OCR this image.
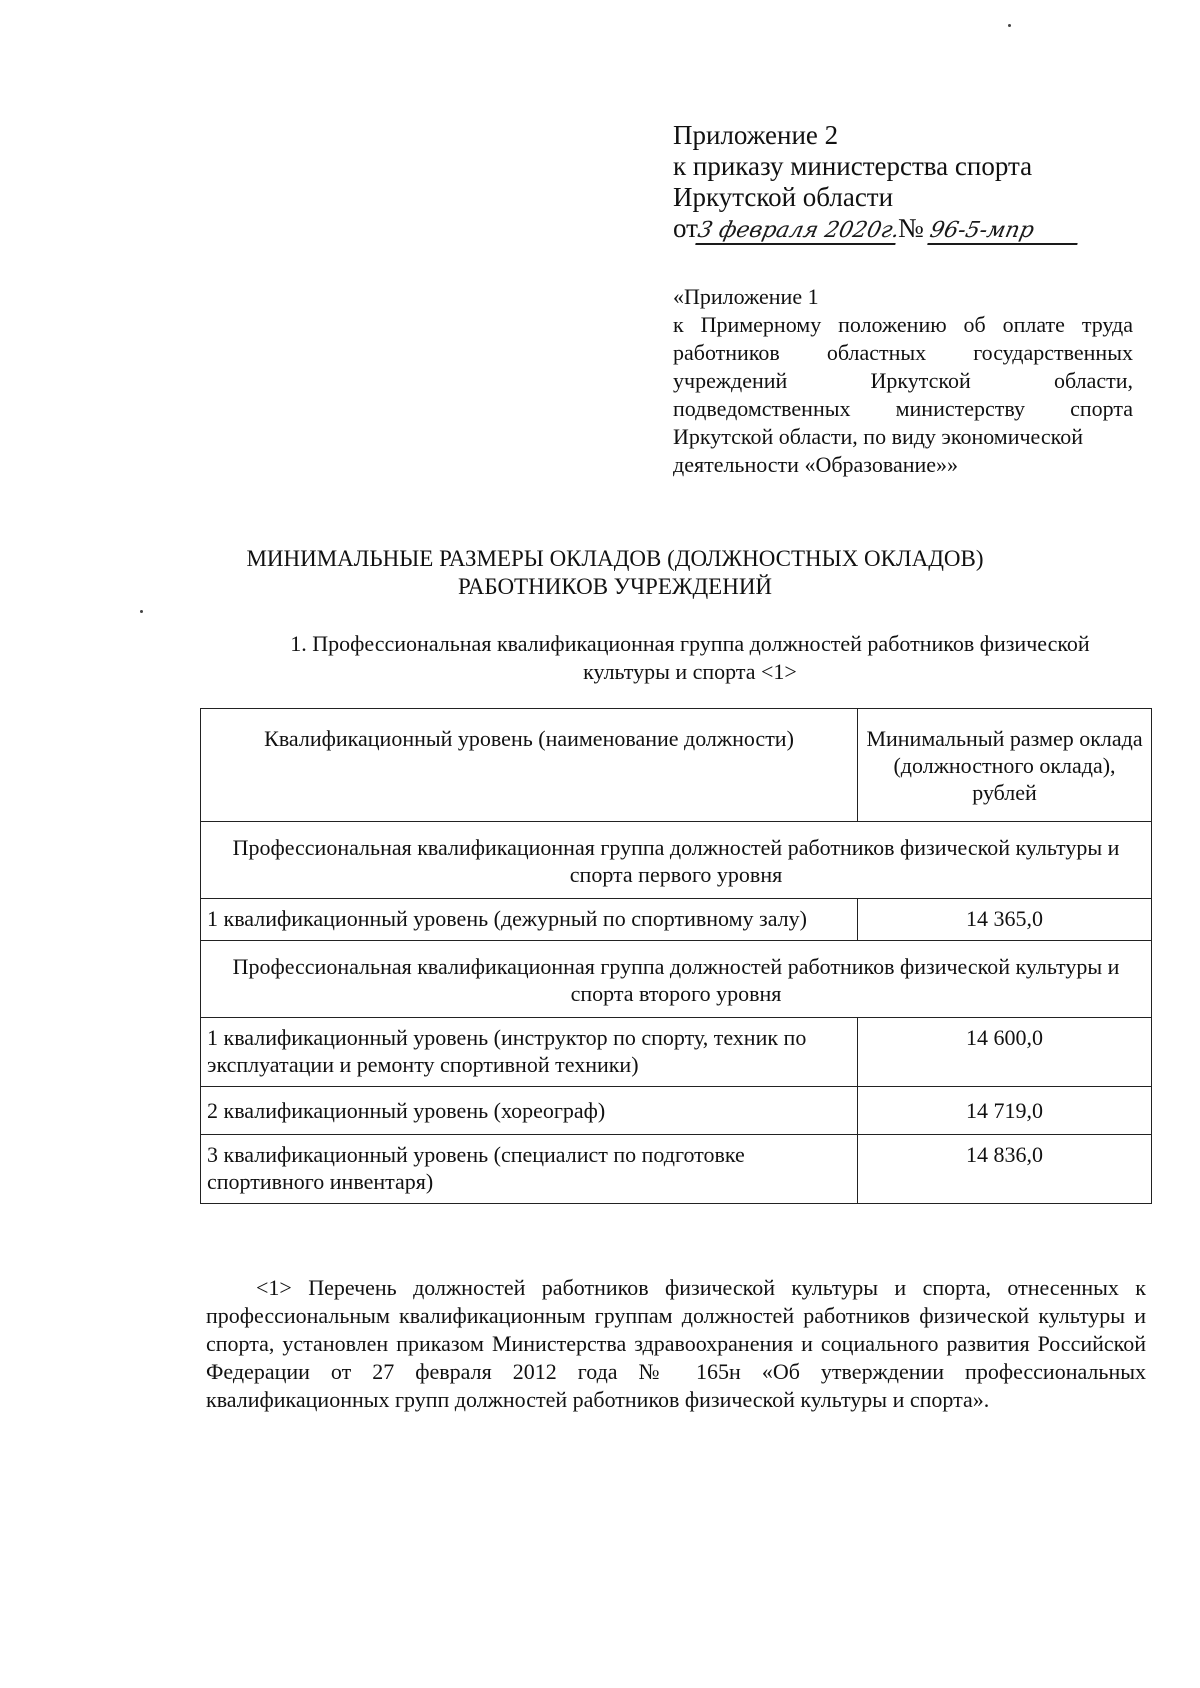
Приложение 2
к приказу министерства спорта
Иркутской области
от3 февраля 2020г.№ 96-5-мпр
«Приложение 1
к Примерному положению об оплате труда работников областных государственных учреждений Иркутской области, подведомственных министерству спорта Иркутской области, по виду экономической
деятельности «Образование»»
МИНИМАЛЬНЫЕ РАЗМЕРЫ ОКЛАДОВ (ДОЛЖНОСТНЫХ ОКЛАДОВ)
РАБОТНИКОВ УЧРЕЖДЕНИЙ
1. Профессиональная квалификационная группа должностей работников физической
культуры и спорта <1>
Квалификационный уровень (наименование должности)	Минимальный размер оклада (должностного оклада), рублей
Профессиональная квалификационная группа должностей работников физической культуры и спорта первого уровня	
1 квалификационный уровень (дежурный по спортивному залу)	14 365,0
Профессиональная квалификационная группа должностей работников физической культуры и спорта второго уровня	
1 квалификационный уровень (инструктор по спорту, техник по эксплуатации и ремонту спортивной техники)	14 600,0
2 квалификационный уровень (хореограф)	14 719,0
3 квалификационный уровень (специалист по подготовке спортивного инвентаря)	14 836,0
<1> Перечень должностей работников физической культуры и спорта, отнесенных к профессиональным квалификационным группам должностей работников физической культуры и спорта, установлен приказом Министерства здравоохранения и социального развития Российской Федерации от 27 февраля 2012 года № 165н «Об утверждении профессиональных квалификационных групп должностей работников физической культуры и спорта».
